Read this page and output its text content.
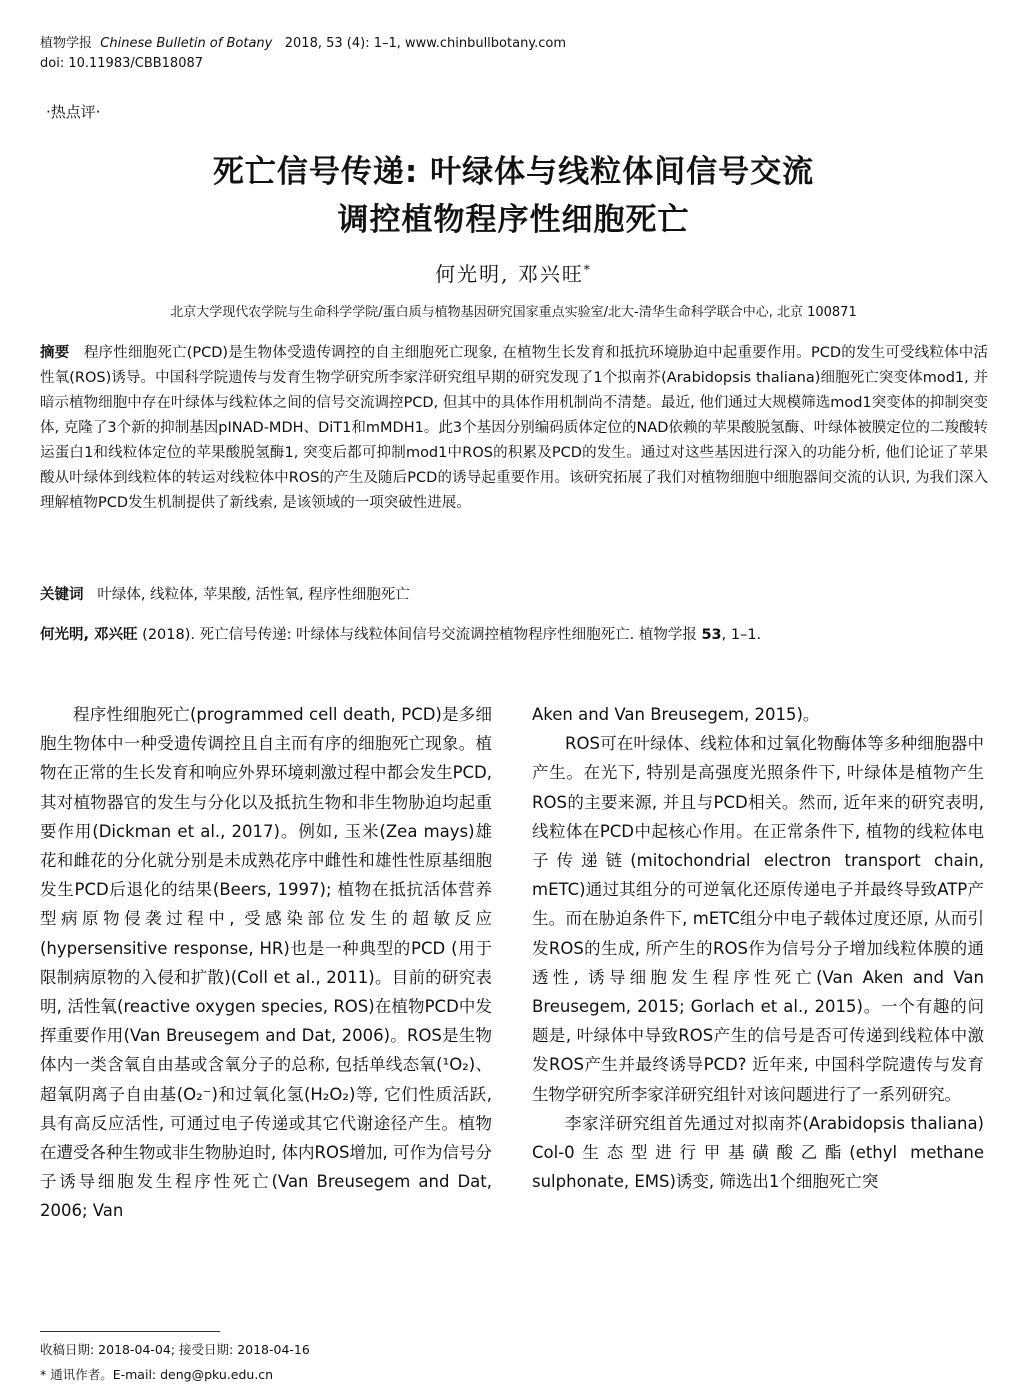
植物学报 Chinese Bulletin of Botany 2018, 53 (4): 1–1, www.chinbullbotany.com
doi: 10.11983/CBB18087
·热点评·
死亡信号传递: 叶绿体与线粒体间信号交流
调控植物程序性细胞死亡
何光明, 邓兴旺*
北京大学现代农学院与生命科学学院/蛋白质与植物基因研究国家重点实验室/北大-清华生命科学联合中心, 北京 100871
摘要 程序性细胞死亡(PCD)是生物体受遗传调控的自主细胞死亡现象, 在植物生长发育和抵抗环境胁迫中起重要作用。PCD的发生可受线粒体中活性氧(ROS)诱导。中国科学院遗传与发育生物学研究所李家洋研究组早期的研究发现了1个拟南芥(Arabidopsis thaliana)细胞死亡突变体mod1, 并暗示植物细胞中存在叶绿体与线粒体之间的信号交流调控PCD, 但其中的具体作用机制尚不清楚。最近, 他们通过大规模筛选mod1突变体的抑制突变体, 克隆了3个新的抑制基因pINAD-MDH、DiT1和mMDH1。此3个基因分别编码质体定位的NAD依赖的苹果酸脱氢酶、叶绿体被膜定位的二羧酸转运蛋白1和线粒体定位的苹果酸脱氢酶1, 突变后都可抑制mod1中ROS的积累及PCD的发生。通过对这些基因进行深入的功能分析, 他们论证了苹果酸从叶绿体到线粒体的转运对线粒体中ROS的产生及随后PCD的诱导起重要作用。该研究拓展了我们对植物细胞中细胞器间交流的认识, 为我们深入理解植物PCD发生机制提供了新线索, 是该领域的一项突破性进展。
关键词 叶绿体, 线粒体, 苹果酸, 活性氧, 程序性细胞死亡
何光明, 邓兴旺 (2018). 死亡信号传递: 叶绿体与线粒体间信号交流调控植物程序性细胞死亡. 植物学报 53, 1–1.

程序性细胞死亡(programmed cell death, PCD)是多细胞生物体中一种受遗传调控且自主而有序的细胞死亡现象。植物在正常的生长发育和响应外界环境刺激过程中都会发生PCD, 其对植物器官的发生与分化以及抵抗生物和非生物胁迫均起重要作用(Dickman et al., 2017)。例如, 玉米(Zea mays)雄花和雌花的分化就分别是未成熟花序中雌性和雄性性原基细胞发生PCD后退化的结果(Beers, 1997); 植物在抵抗活体营养型病原物侵袭过程中, 受感染部位发生的超敏反应(hypersensitive response, HR)也是一种典型的PCD (用于限制病原物的入侵和扩散)(Coll et al., 2011)。目前的研究表明, 活性氧(reactive oxygen species, ROS)在植物PCD中发挥重要作用(Van Breusegem and Dat, 2006)。ROS是生物体内一类含氧自由基或含氧分子的总称, 包括单线态氧(¹O₂)、超氧阴离子自由基(O₂⁻)和过氧化氢(H₂O₂)等, 它们性质活跃, 具有高反应活性, 可通过电子传递或其它代谢途径产生。植物在遭受各种生物或非生物胁迫时, 体内ROS增加, 可作为信号分子诱导细胞发生程序性死亡(Van Breusegem and Dat, 2006; Van

Aken and Van Breusegem, 2015)。

ROS可在叶绿体、线粒体和过氧化物酶体等多种细胞器中产生。在光下, 特别是高强度光照条件下, 叶绿体是植物产生ROS的主要来源, 并且与PCD相关。然而, 近年来的研究表明, 线粒体在PCD中起核心作用。在正常条件下, 植物的线粒体电子传递链(mitochondrial electron transport chain, mETC)通过其组分的可逆氧化还原传递电子并最终导致ATP产生。而在胁迫条件下, mETC组分中电子载体过度还原, 从而引发ROS的生成, 所产生的ROS作为信号分子增加线粒体膜的通透性, 诱导细胞发生程序性死亡(Van Aken and Van Breusegem, 2015; Gorlach et al., 2015)。一个有趣的问题是, 叶绿体中导致ROS产生的信号是否可传递到线粒体中激发ROS产生并最终诱导PCD? 近年来, 中国科学院遗传与发育生物学研究所李家洋研究组针对该问题进行了一系列研究。

李家洋研究组首先通过对拟南芥(Arabidopsis thaliana) Col-0生态型进行甲基磺酸乙酯(ethyl methane sulphonate, EMS)诱变, 筛选出1个细胞死亡突

收稿日期: 2018-04-04; 接受日期: 2018-04-16
* 通讯作者。E-mail: deng@pku.edu.cn
